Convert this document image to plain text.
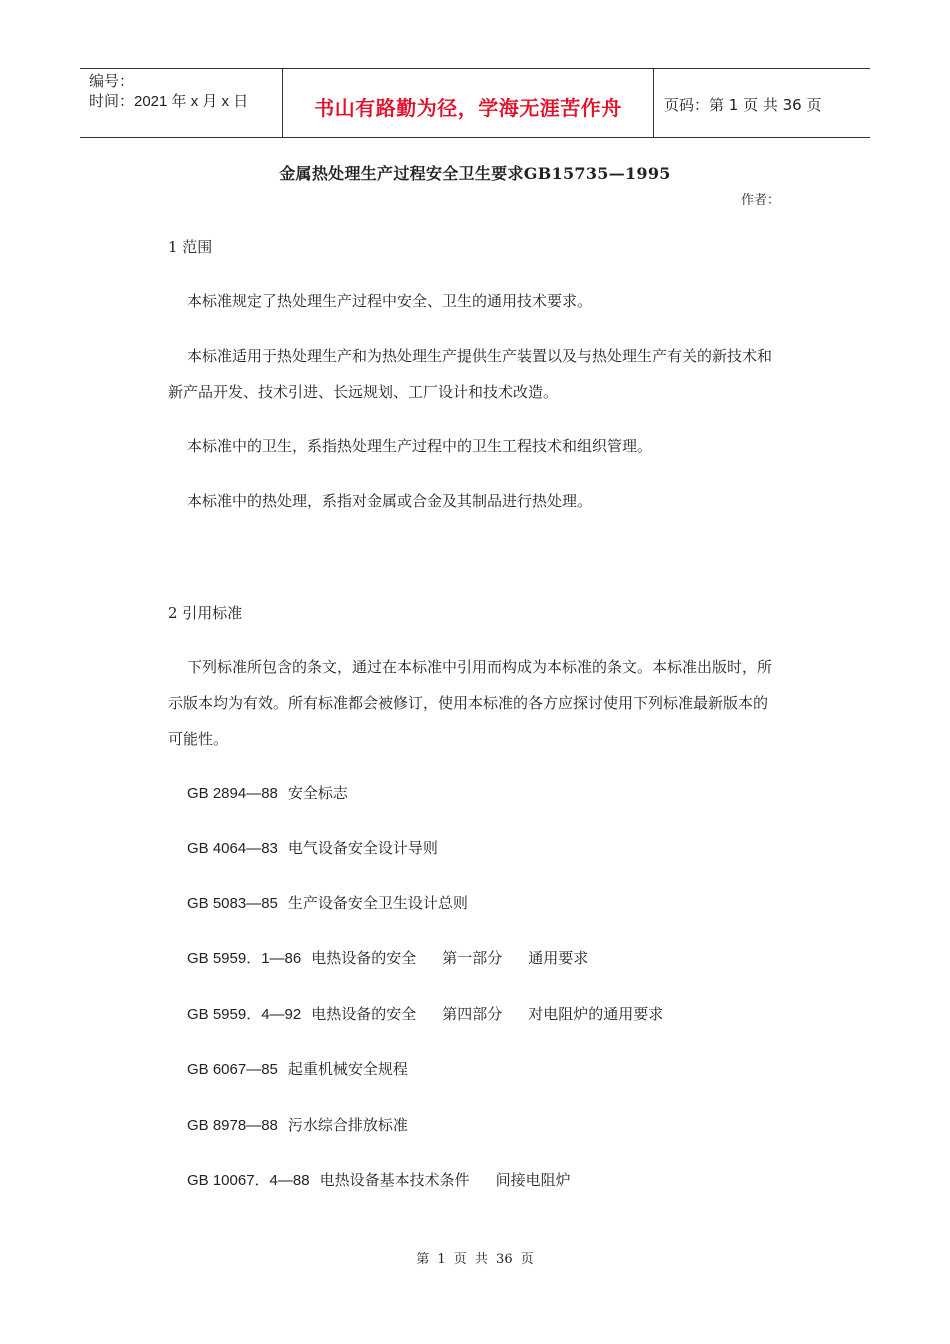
编号：
时间：2021 年 x 月 x 日	书山有路勤为径，学海无涯苦作舟	页码：第 1 页 共 36 页
金属热处理生产过程安全卫生要求GB15735—1995
作者：
1 范围

本标准规定了热处理生产过程中安全、卫生的通用技术要求。

本标准适用于热处理生产和为热处理生产提供生产装置以及与热处理生产有关的新技术和新产品开发、技术引进、长远规划、工厂设计和技术改造。

本标准中的卫生，系指热处理生产过程中的卫生工程技术和组织管理。

本标准中的热处理，系指对金属或合金及其制品进行热处理。

2 引用标准

下列标准所包含的条文，通过在本标准中引用而构成为本标准的条文。本标准出版时，所示版本均为有效。所有标准都会被修订，使用本标准的各方应探讨使用下列标准最新版本的可能性。

GB 2894—88 安全标志
GB 4064—83 电气设备安全设计导则
GB 5083—85 生产设备安全卫生设计总则
GB 5959．1—86 电热设备的安全 第一部分 通用要求
GB 5959．4—92 电热设备的安全 第四部分 对电阻炉的通用要求
GB 6067—85 起重机械安全规程
GB 8978—88 污水综合排放标准
GB 10067．4—88 电热设备基本技术条件 间接电阻炉
第 1 页 共 36 页
